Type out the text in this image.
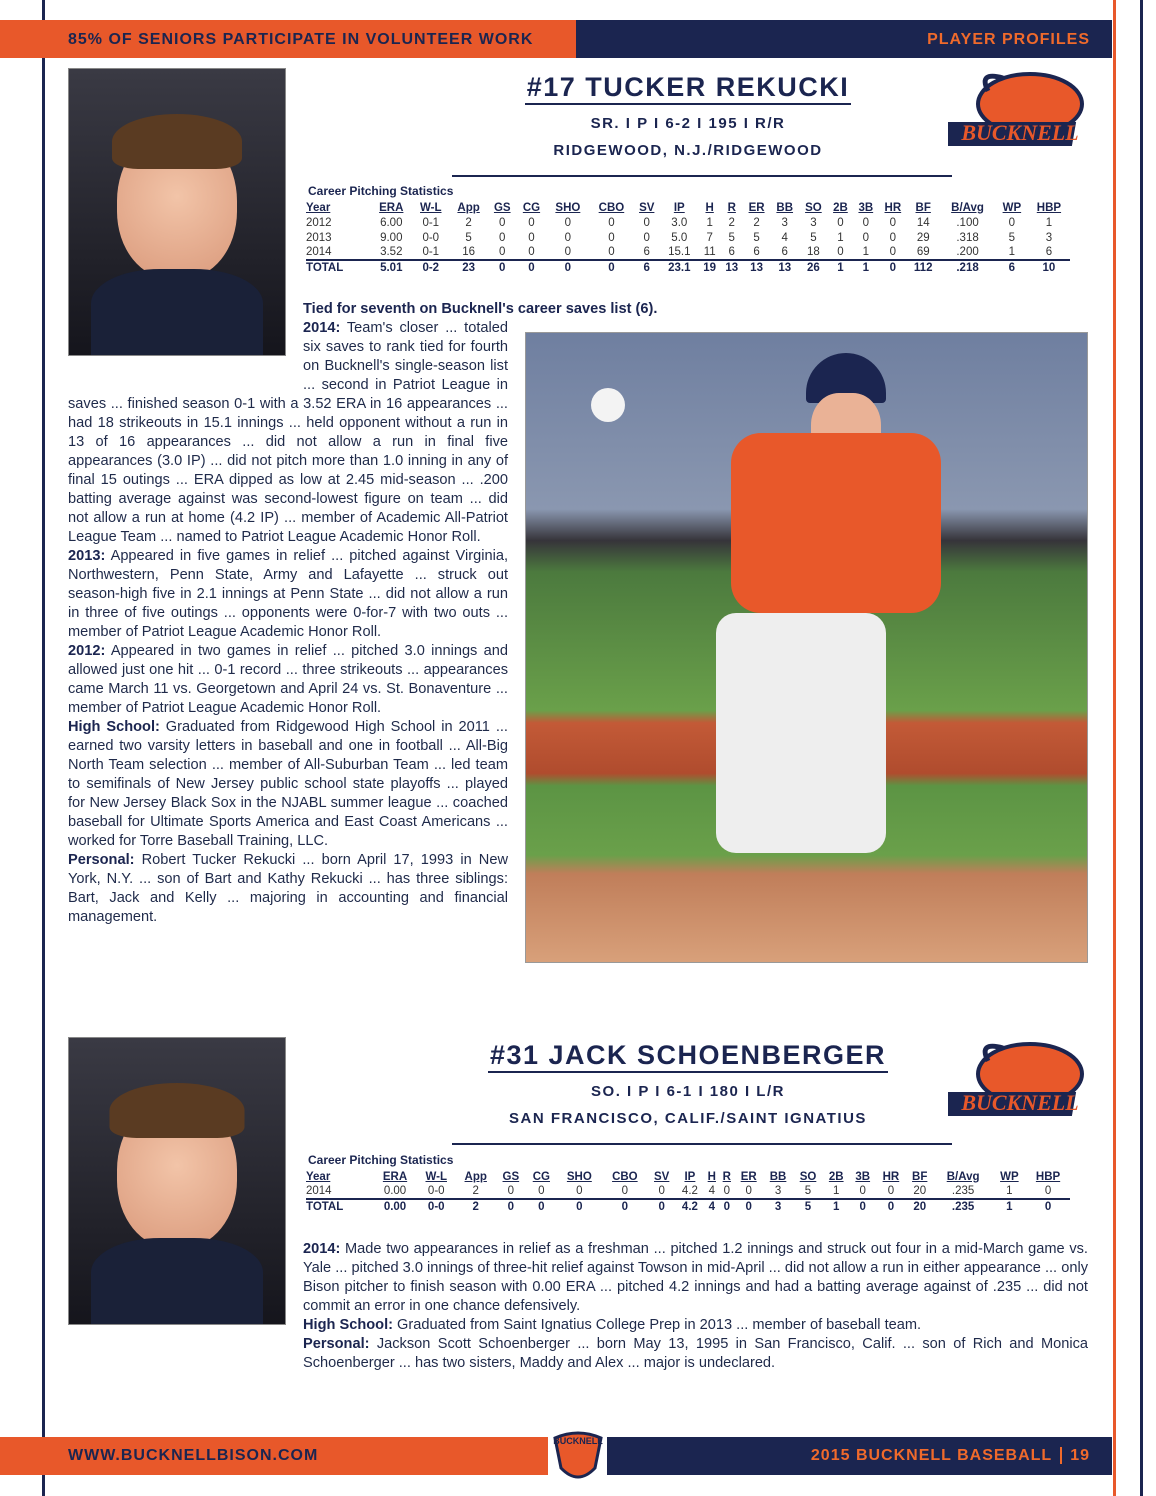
85% OF SENIORS PARTICIPATE IN VOLUNTEER WORK	PLAYER PROFILES
#17 TUCKER REKUCKI
SR. I P I 6-2 I 195 I R/R
RIDGEWOOD, N.J./RIDGEWOOD
BUCKNELL
Career Pitching Statistics
Year	ERA	W-L	App	GS	CG	SHO	CBO	SV	IP	H	R	ER	BB	SO	2B	3B	HR	BF	B/Avg	WP	HBP
2012	6.00	0-1	2	0	0	0	0	0	3.0	1	2	2	3	3	0	0	0	14	.100	0	1
2013	9.00	0-0	5	0	0	0	0	0	5.0	7	5	5	4	5	1	0	0	29	.318	5	3
2014	3.52	0-1	16	0	0	0	0	6	15.1	11	6	6	6	18	0	1	0	69	.200	1	6
TOTAL	5.01	0-2	23	0	0	0	0	6	23.1	19	13	13	13	26	1	1	0	112	.218	6	10

Tied for seventh on Bucknell's career saves list (6).

2014: Team's closer ... totaled six saves to rank tied for fourth on Bucknell's single-season list ... second in Patriot League in saves ... finished season 0-1 with a 3.52 ERA in 16 appearances ... had 18 strikeouts in 15.1 innings ... held opponent without a run in 13 of 16 appearances ... did not allow a run in final five appearances (3.0 IP) ... did not pitch more than 1.0 inning in any of final 15 outings ... ERA dipped as low at 2.45 mid-season ... .200 batting average against was second-lowest figure on team ... did not allow a run at home (4.2 IP) ... member of Academic All-Patriot League Team ... named to Patriot League Academic Honor Roll.

2013: Appeared in five games in relief ... pitched against Virginia, Northwestern, Penn State, Army and Lafayette ... struck out season-high five in 2.1 innings at Penn State ... did not allow a run in three of five outings ... opponents were 0-for-7 with two outs ... member of Patriot League Academic Honor Roll.

2012: Appeared in two games in relief ... pitched 3.0 innings and allowed just one hit ... 0-1 record ... three strikeouts ... appearances came March 11 vs. Georgetown and April 24 vs. St. Bonaventure ... member of Patriot League Academic Honor Roll.

High School: Graduated from Ridgewood High School in 2011 ... earned two varsity letters in baseball and one in football ... All-Big North Team selection ... member of All-Suburban Team ... led team to semifinals of New Jersey public school state playoffs ... played for New Jersey Black Sox in the NJABL summer league ... coached baseball for Ultimate Sports America and East Coast Americans ... worked for Torre Baseball Training, LLC.

Personal: Robert Tucker Rekucki ... born April 17, 1993 in New York, N.Y. ... son of Bart and Kathy Rekucki ... has three siblings: Bart, Jack and Kelly ... majoring in accounting and financial management.

#31 JACK SCHOENBERGER
SO. I P I 6-1 I 180 I L/R
SAN FRANCISCO, CALIF./SAINT IGNATIUS
BUCKNELL
Career Pitching Statistics
Year	ERA	W-L	App	GS	CG	SHO	CBO	SV	IP	H	R	ER	BB	SO	2B	3B	HR	BF	B/Avg	WP	HBP
2014	0.00	0-0	2	0	0	0	0	0	4.2	4	0	0	3	5	1	0	0	20	.235	1	0
TOTAL	0.00	0-0	2	0	0	0	0	0	4.2	4	0	0	3	5	1	0	0	20	.235	1	0

2014: Made two appearances in relief as a freshman ... pitched 1.2 innings and struck out four in a mid-March game vs. Yale ... pitched 3.0 innings of three-hit relief against Towson in mid-April ... did not allow a run in either appearance ... only Bison pitcher to finish season with 0.00 ERA ... pitched 4.2 innings and had a batting average against of .235 ... did not commit an error in one chance defensively.

High School: Graduated from Saint Ignatius College Prep in 2013 ... member of baseball team.

Personal: Jackson Scott Schoenberger ... born May 13, 1995 in San Francisco, Calif. ... son of Rich and Monica Schoenberger ... has two sisters, Maddy and Alex ... major is undeclared.

WWW.BUCKNELLBISON.COM	2015 BUCKNELL BASEBALL 19
BUCKNELL
